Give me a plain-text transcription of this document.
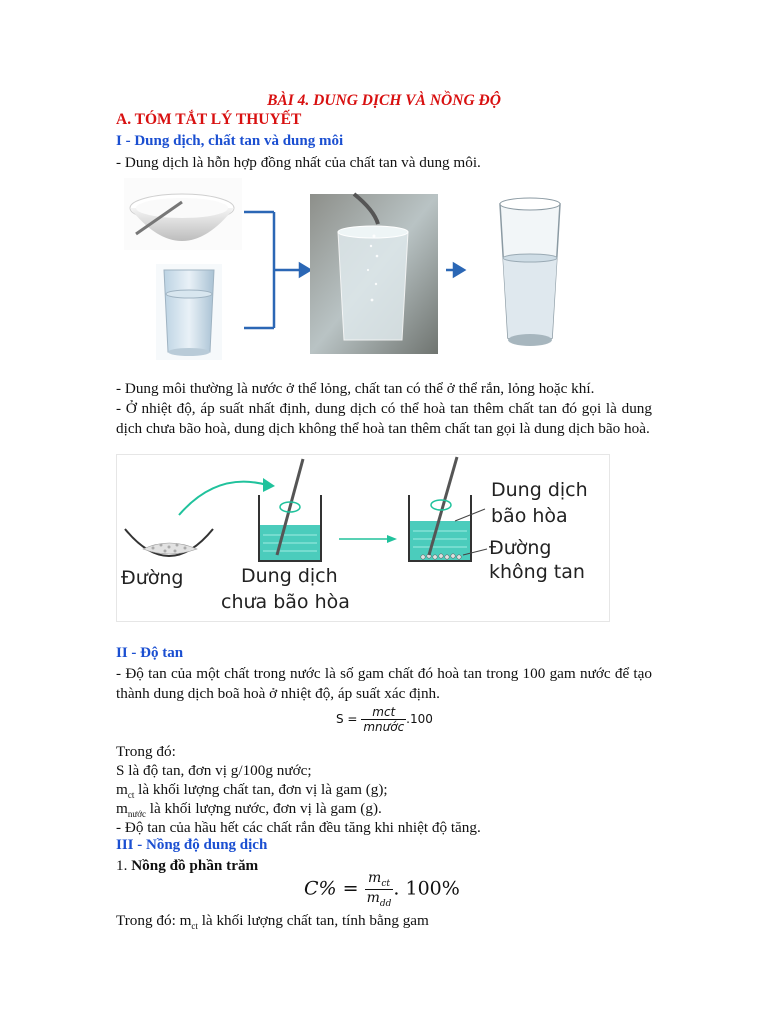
BÀI 4. DUNG DỊCH VÀ NỒNG ĐỘ
A. TÓM TẮT LÝ THUYẾT
I - Dung dịch, chất tan và dung môi
- Dung dịch là hỗn hợp đồng nhất của chất tan và dung môi.
- Dung môi thường là nước ở thể lỏng, chất tan có thể ở thể rắn, lỏng hoặc khí.
- Ở nhiệt độ, áp suất nhất định, dung dịch có thể hoà tan thêm chất tan đó gọi là dung dịch chưa bão hoà, dung dịch không thể hoà tan thêm chất tan gọi là dung dịch bão hoà.
Đường	Dung dịch
chưa bão hòa
Dung dịch
bão hòa
Đường
không tan
II - Độ tan
- Độ tan của một chất trong nước là số gam chất đó hoà tan trong 100 gam nước để tạo thành dung dịch boã hoà ở nhiệt độ, áp suất xác định.
$S = \frac{\text{mct}}{\text{mnước}} .100$
Trong đó:
S là độ tan, đơn vị g/100g nước;
$m_{ct}$ là khối lượng chất tan, đơn vị là gam (g);
$m_{nước}$ là khối lượng nước, đơn vị là gam (g).
- Độ tan của hầu hết các chất rắn đều tăng khi nhiệt độ tăng.
III - Nồng độ dung dịch
1. Nồng đồ phần trăm
$C\% = \frac{m_{ct}}{m_{dd}}$ . 100%
Trong đó: $m_{ct}$ là khối lượng chất tan, tính bằng gam
